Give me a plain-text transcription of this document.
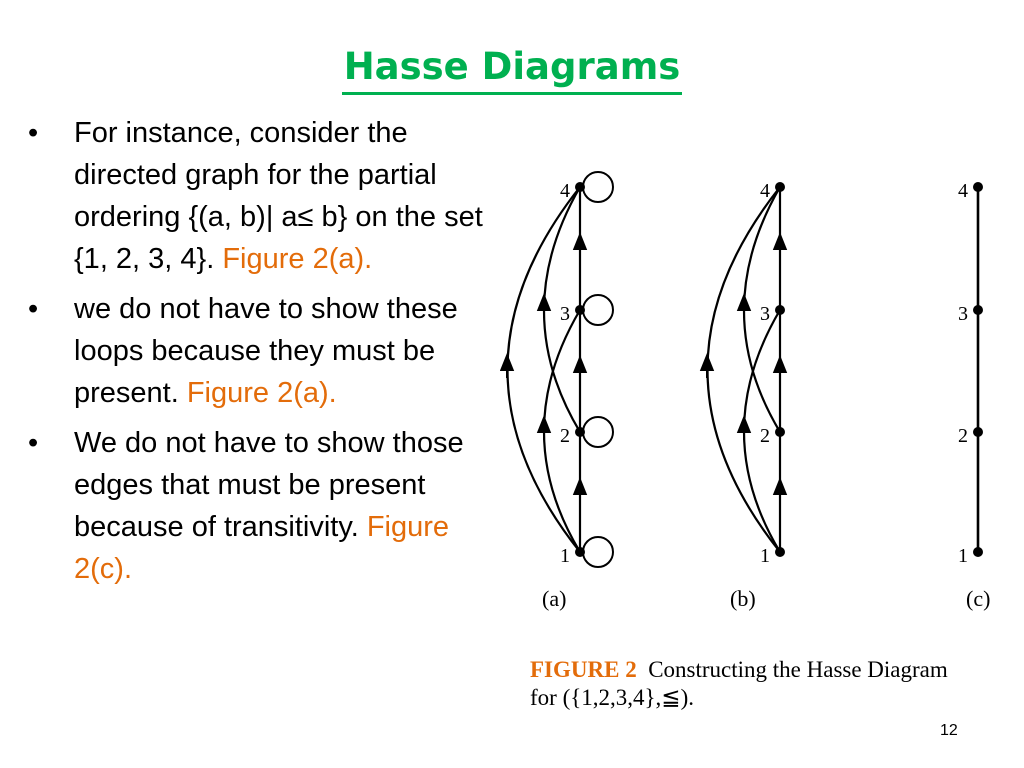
Hasse Diagrams
• For instance, consider the directed graph for the partial ordering {(a, b)| a≤ b} on the set {1, 2, 3, 4}. Figure 2(a).
• we do not have to show these loops because they must be present. Figure 2(a).
• We do not have to show those edges that must be present because of transitivity. Figure 2(c).	1
2
3
4
(a)
1
2
3
4
(b)
1
2
3
4
(c)
FIGURE 2 Constructing the Hasse Diagram for ({1,2,3,4},≦).
12
